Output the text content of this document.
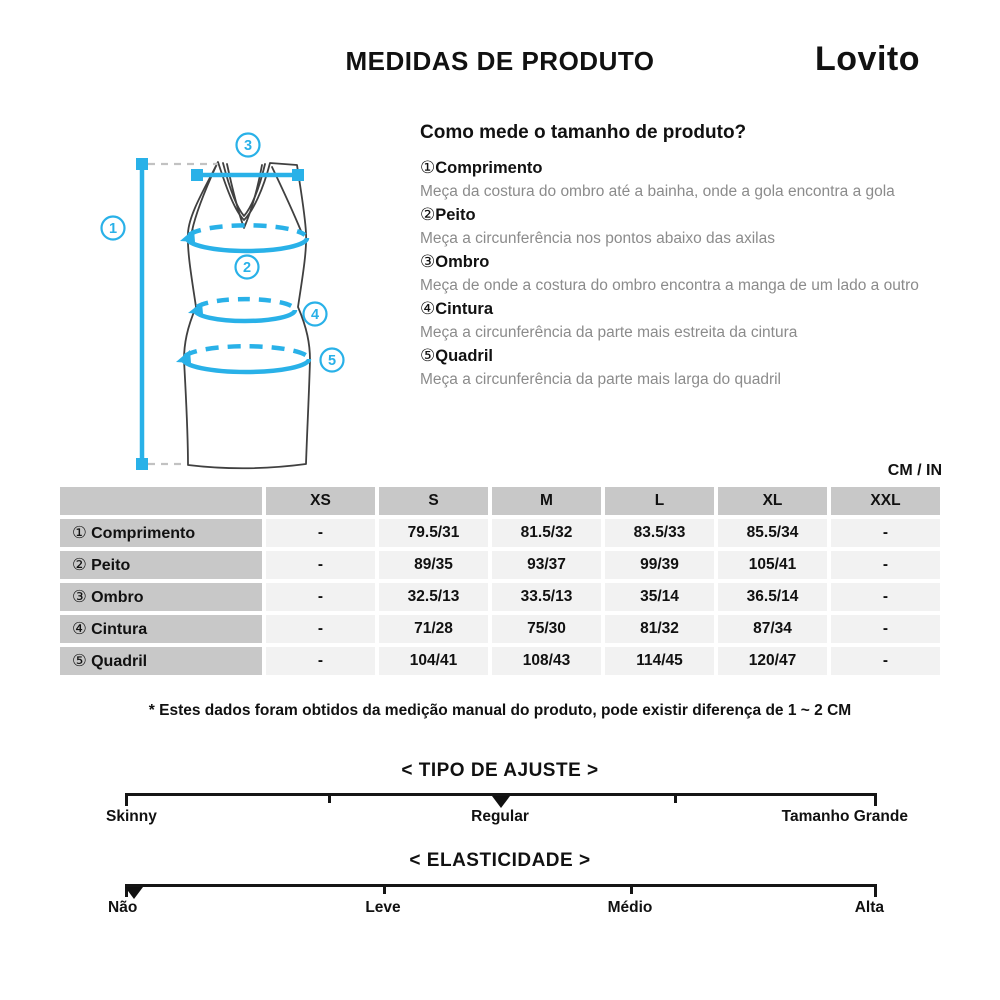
MEDIDAS DE PRODUTO	Lovito
1
2
3
4
5
Como mede o tamanho de produto?
①Comprimento
Meça da costura do ombro até a bainha, onde a gola encontra a gola
②Peito
Meça a circunferência nos pontos abaixo das axilas
③Ombro
Meça de onde a costura do ombro encontra a manga de um lado a outro
④Cintura
Meça a circunferência da parte mais estreita da cintura
⑤Quadril
Meça a circunferência da parte mais larga do quadril
CM / IN
	XS	S	M	L	XL	XXL
① Comprimento	-	79.5/31	81.5/32	83.5/33	85.5/34	-
② Peito	-	89/35	93/37	99/39	105/41	-
③ Ombro	-	32.5/13	33.5/13	35/14	36.5/14	-
④ Cintura	-	71/28	75/30	81/32	87/34	-
⑤ Quadril	-	104/41	108/43	114/45	120/47	-
* Estes dados foram obtidos da medição manual do produto, pode existir diferença de 1 ~ 2 CM
< TIPO DE AJUSTE >
Skinny	Regular	Tamanho Grande
< ELASTICIDADE >
Não	Leve	Médio	Alta
